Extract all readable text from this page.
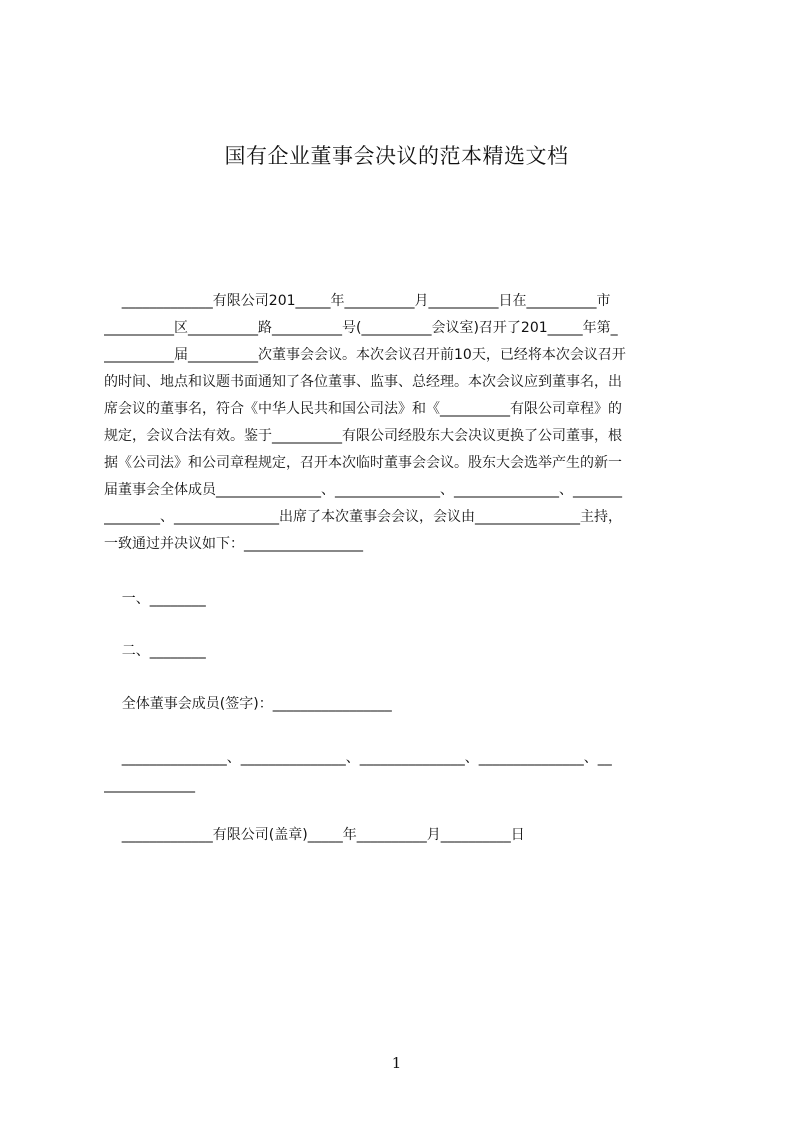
国有企业董事会决议的范本精选文档
_____________有限公司201_____年__________月__________日在__________市
__________区__________路__________号(__________会议室)召开了201_____年第_
__________届__________次董事会会议。本次会议召开前10天，已经将本次会议召开
的时间、地点和议题书面通知了各位董事、监事、总经理。本次会议应到董事名，出
席会议的董事名，符合《中华人民共和国公司法》和《__________有限公司章程》的
规定，会议合法有效。鉴于__________有限公司经股东大会决议更换了公司董事，根
据《公司法》和公司章程规定，召开本次临时董事会会议。股东大会选举产生的新一
届董事会全体成员_______________、_______________、_______________、_______
________、_______________出席了本次董事会会议，会议由_______________主持，
一致通过并决议如下：_________________
一、________
二、________
全体董事会成员(签字)：_________________
_______________、_______________、_______________、_______________、__
_____________
_____________有限公司(盖章)_____年__________月__________日
1
